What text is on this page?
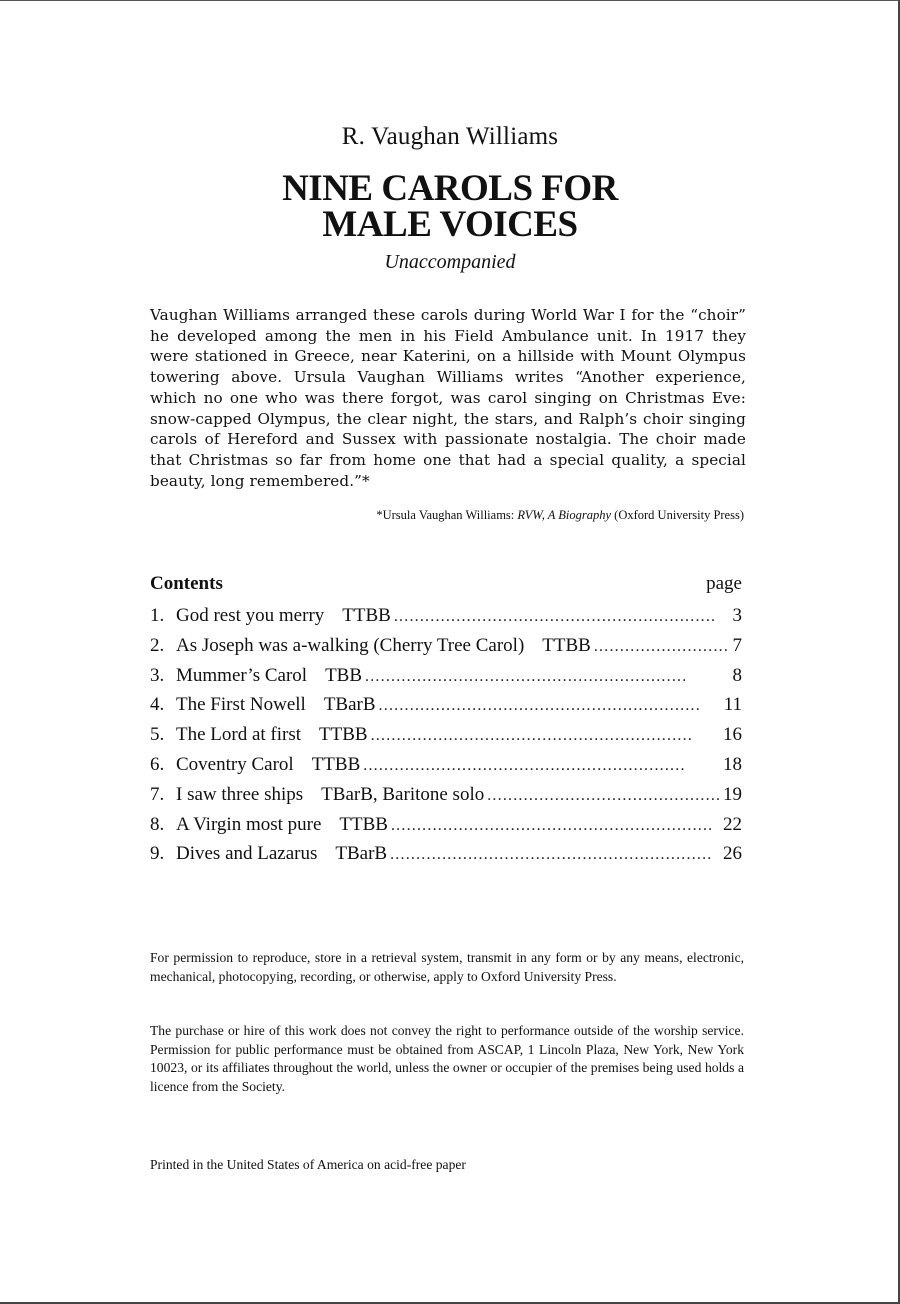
R. Vaughan Williams
NINE CAROLS FOR
MALE VOICES
Unaccompanied
Vaughan Williams arranged these carols during World War I for the “choir” he developed among the men in his Field Ambulance unit. In 1917 they were stationed in Greece, near Katerini, on a hillside with Mount Olympus towering above. Ursula Vaughan Williams writes “Another experience, which no one who was there forgot, was carol singing on Christmas Eve: snow-capped Olympus, the clear night, the stars, and Ralph’s choir singing carols of Hereford and Sussex with passionate nostalgia. The choir made that Christmas so far from home one that had a special quality, a special beauty, long remembered.”*
*Ursula Vaughan Williams: RVW, A Biography (Oxford University Press)
Contents	page
1. God rest you merry TTBB . . .	3
2. As Joseph was a-walking (Cherry Tree Carol) TTBB . . .	7
3. Mummer’s Carol TBB . . .	8
4. The First Nowell TBarB . . .	11
5. The Lord at first TTBB . . .	16
6. Coventry Carol TTBB . . .	18
7. I saw three ships TBarB, Baritone solo . . .	19
8. A Virgin most pure TTBB . . .	22
9. Dives and Lazarus TBarB . . .	26
For permission to reproduce, store in a retrieval system, transmit in any form or by any means, electronic, mechanical, photocopying, recording, or otherwise, apply to Oxford University Press.
The purchase or hire of this work does not convey the right to performance outside of the worship service. Permission for public performance must be obtained from ASCAP, 1 Lincoln Plaza, New York, New York 10023, or its affiliates throughout the world, unless the owner or occupier of the premises being used holds a licence from the Society.
Printed in the United States of America on acid-free paper
